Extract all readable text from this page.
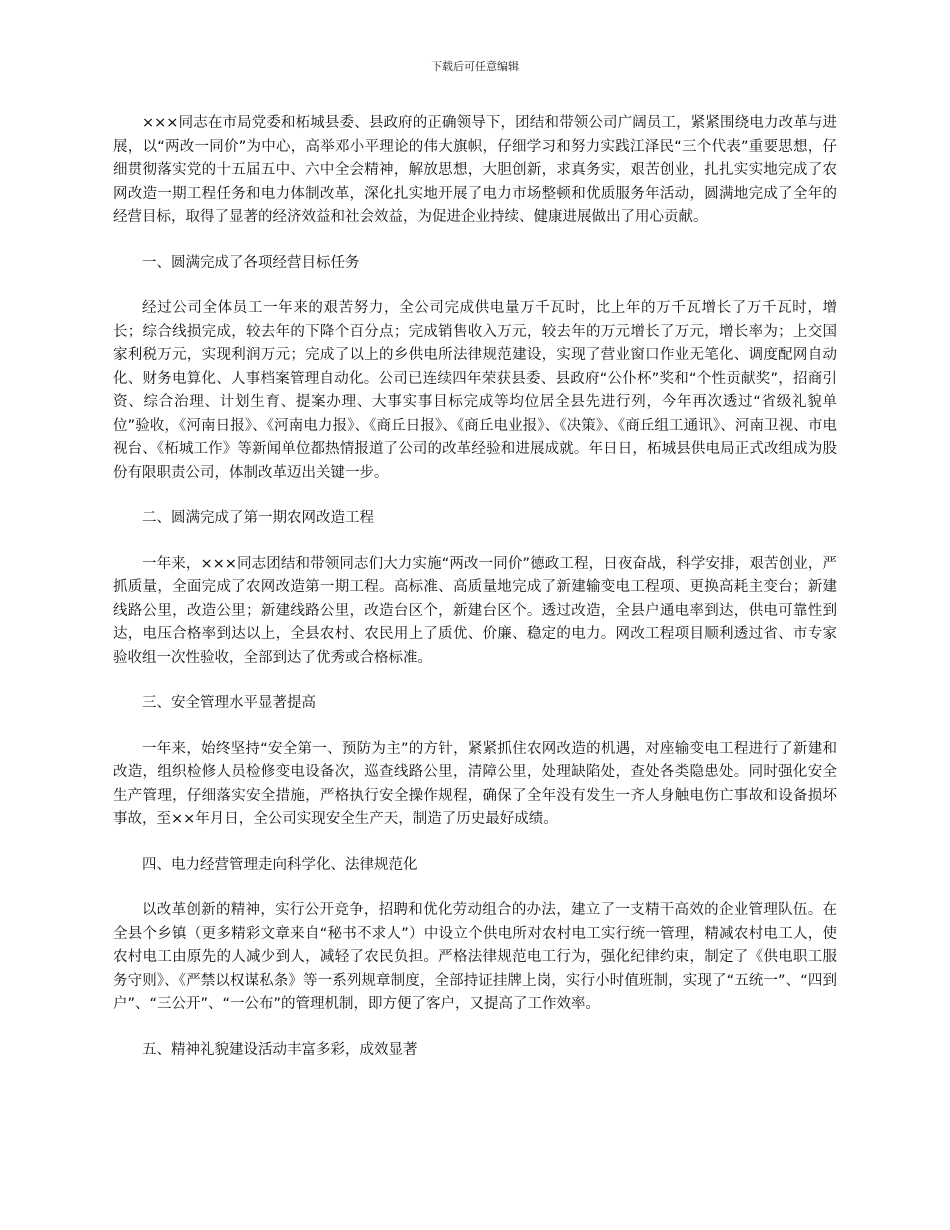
下载后可任意编辑

×××同志在市局党委和柘城县委、县政府的正确领导下，团结和带领公司广阔员工，紧紧围绕电力改革与进展，以“两改一同价”为中心，高举邓小平理论的伟大旗帜，仔细学习和努力实践江泽民“三个代表”重要思想，仔细贯彻落实党的十五届五中、六中全会精神，解放思想，大胆创新，求真务实，艰苦创业，扎扎实实地完成了农网改造一期工程任务和电力体制改革，深化扎实地开展了电力市场整顿和优质服务年活动，圆满地完成了全年的经营目标，取得了显著的经济效益和社会效益，为促进企业持续、健康进展做出了用心贡献。

一、圆满完成了各项经营目标任务

经过公司全体员工一年来的艰苦努力，全公司完成供电量万千瓦时，比上年的万千瓦增长了万千瓦时，增长；综合线损完成，较去年的下降个百分点；完成销售收入万元，较去年的万元增长了万元，增长率为；上交国家利税万元，实现利润万元；完成了以上的乡供电所法律规范建设，实现了营业窗口作业无笔化、调度配网自动化、财务电算化、人事档案管理自动化。公司已连续四年荣获县委、县政府“公仆杯”奖和“个性贡献奖”，招商引资、综合治理、计划生育、提案办理、大事实事目标完成等均位居全县先进行列，今年再次透过“省级礼貌单位”验收，《河南日报》、《河南电力报》、《商丘日报》、《商丘电业报》、《决策》、《商丘组工通讯》、河南卫视、市电视台、《柘城工作》等新闻单位都热情报道了公司的改革经验和进展成就。年日日，柘城县供电局正式改组成为股份有限职责公司，体制改革迈出关键一步。

二、圆满完成了第一期农网改造工程

一年来，×××同志团结和带领同志们大力实施“两改一同价”德政工程，日夜奋战，科学安排，艰苦创业，严抓质量，全面完成了农网改造第一期工程。高标准、高质量地完成了新建输变电工程项、更换高耗主变台；新建线路公里，改造公里；新建线路公里，改造台区个，新建台区个。透过改造，全县户通电率到达，供电可靠性到达，电压合格率到达以上，全县农村、农民用上了质优、价廉、稳定的电力。网改工程项目顺利透过省、市专家验收组一次性验收，全部到达了优秀或合格标准。

三、安全管理水平显著提高

一年来，始终坚持“安全第一、预防为主”的方针，紧紧抓住农网改造的机遇，对座输变电工程进行了新建和改造，组织检修人员检修变电设备次，巡查线路公里，清障公里，处理缺陷处，查处各类隐患处。同时强化安全生产管理，仔细落实安全措施，严格执行安全操作规程，确保了全年没有发生一齐人身触电伤亡事故和设备损坏事故，至××年月日，全公司实现安全生产天，制造了历史最好成绩。

四、电力经营管理走向科学化、法律规范化

以改革创新的精神，实行公开竞争，招聘和优化劳动组合的办法，建立了一支精干高效的企业管理队伍。在全县个乡镇（更多精彩文章来自“秘书不求人”）中设立个供电所对农村电工实行统一管理，精减农村电工人，使农村电工由原先的人减少到人，减轻了农民负担。严格法律规范电工行为，强化纪律约束，制定了《供电职工服务守则》、《严禁以权谋私条》等一系列规章制度，全部持证挂牌上岗，实行小时值班制，实现了“五统一”、“四到户”、“三公开”、“一公布”的管理机制，即方便了客户，又提高了工作效率。

五、精神礼貌建设活动丰富多彩，成效显著
